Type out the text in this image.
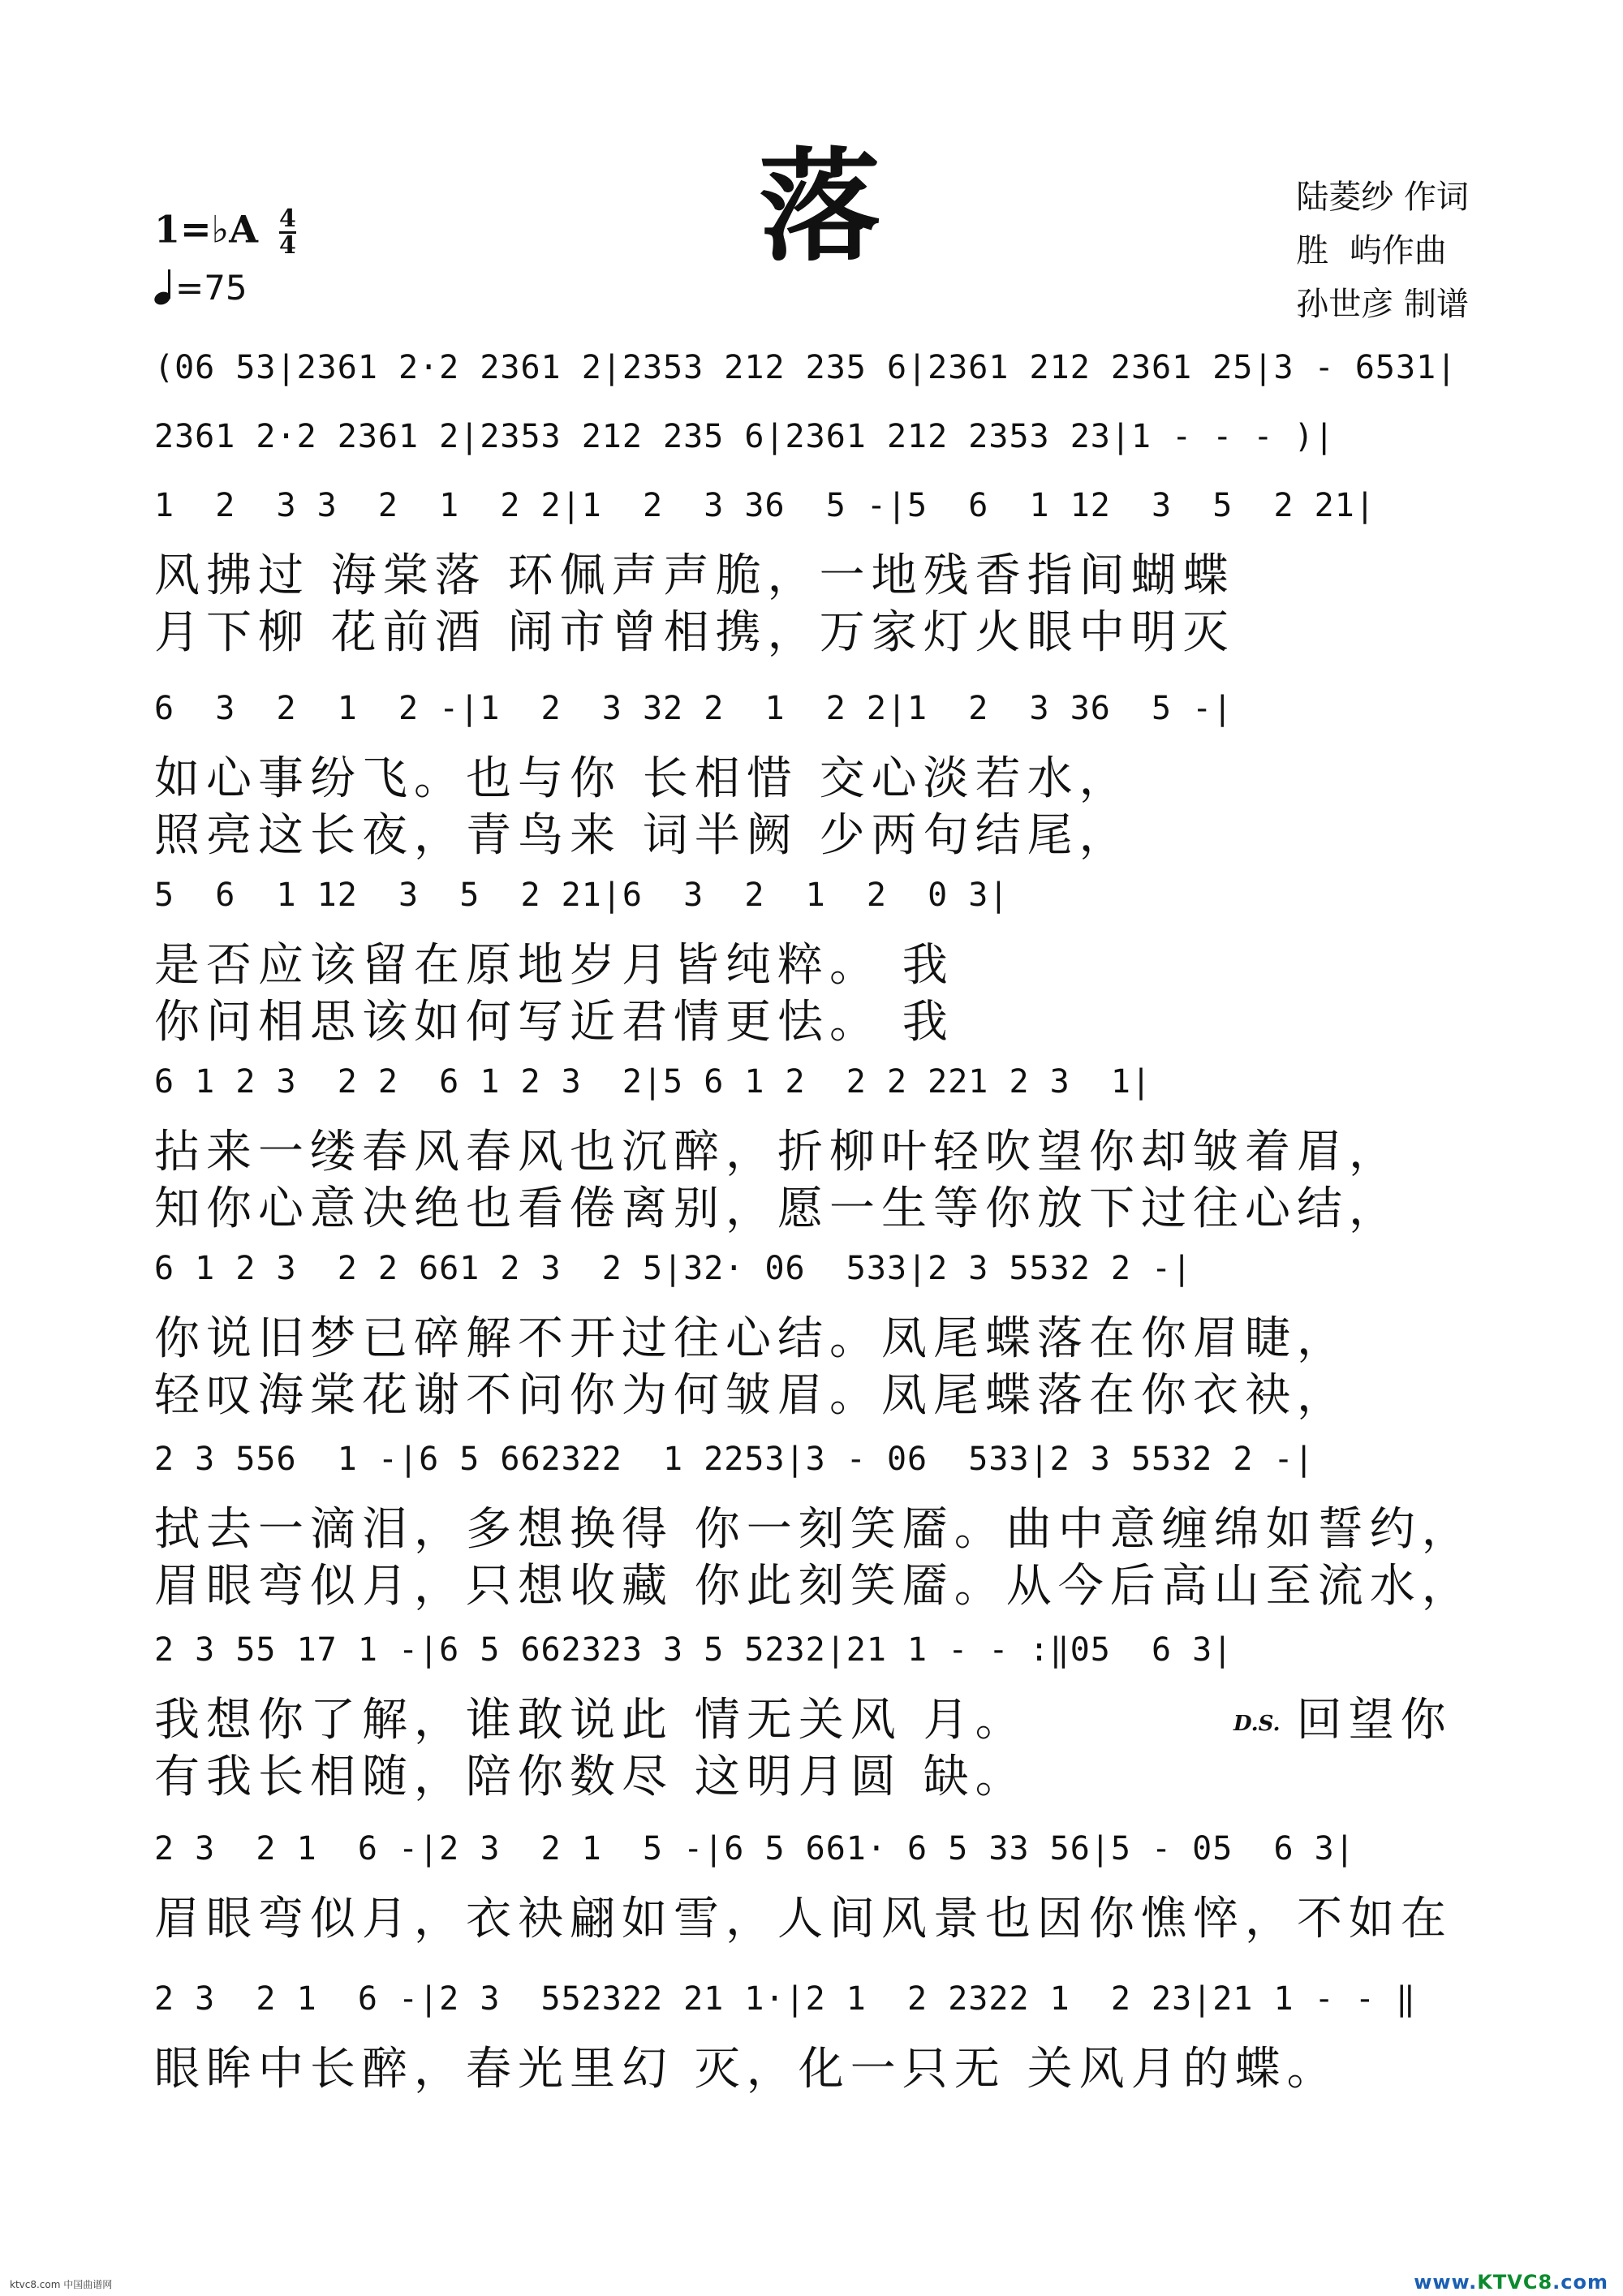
1=♭A $\frac{4}{4}$
=75
落	陆菱纱 作词
胜  屿作曲
孙世彦 制谱
(06 53|2361 2·2 2361 2|2353 212 235 6|2361 212 2361 25|3 - 6531|
2361 2·2 2361 2|2353 212 235 6|2361 212 2353 23|1 - - - )|
1  2  3 3  2  1  2 2|1  2  3 36  5 -|5  6  1 12  3  5  2 21|
风拂过 海棠落 环佩声声脆，一地残香指间蝴蝶
月下柳 花前酒 闹市曾相携，万家灯火眼中明灭
6  3  2  1  2 -|1  2  3 32 2  1  2 2|1  2  3 36  5 -|
如心事纷飞。也与你 长相惜 交心淡若水，
照亮这长夜，青鸟来 词半阙 少两句结尾，
5  6  1 12  3  5  2 21|6  3  2  1  2  0 3|
是否应该留在原地岁月皆纯粹。 我
你问相思该如何写近君情更怯。 我
6 1 2 3  2 2  6 1 2 3  2|5 6 1 2  2 2 221 2 3  1|
拈来一缕春风春风也沉醉，折柳叶轻吹望你却皱着眉，
知你心意决绝也看倦离别，愿一生等你放下过往心结，
6 1 2 3  2 2 661 2 3  2 5|32· 06  533|2 3 5532 2 -|
你说旧梦已碎解不开过往心结。凤尾蝶落在你眉睫，
轻叹海棠花谢不问你为何皱眉。凤尾蝶落在你衣袂，
2 3 556  1 -|6 5 662322  1 2253|3 - 06  533|2 3 5532 2 -|
拭去一滴泪，多想换得 你一刻笑靥。曲中意缠绵如誓约，
眉眼弯似月，只想收藏 你此刻笑靥。从今后高山至流水，
2 3 55 17 1 -|6 5 662323 3 5 5232|21 1 - - :‖05  6 3|
我想你了解，谁敢说此 情无关风 月。	D.S. 回望你
有我长相随，陪你数尽 这明月圆 缺。
2 3  2 1  6 -|2 3  2 1  5 -|6 5 661· 6 5 33 56|5 - 05  6 3|
眉眼弯似月，衣袂翩如雪，人间风景也因你憔悴，不如在
2 3  2 1  6 -|2 3  552322 21 1·|2 1  2 2322 1  2 23|21 1 - - ‖
眼眸中长醉，春光里幻 灭，化一只无 关风月的蝶。
ktvc8.com 中国曲谱网	www.KTVC8.com
